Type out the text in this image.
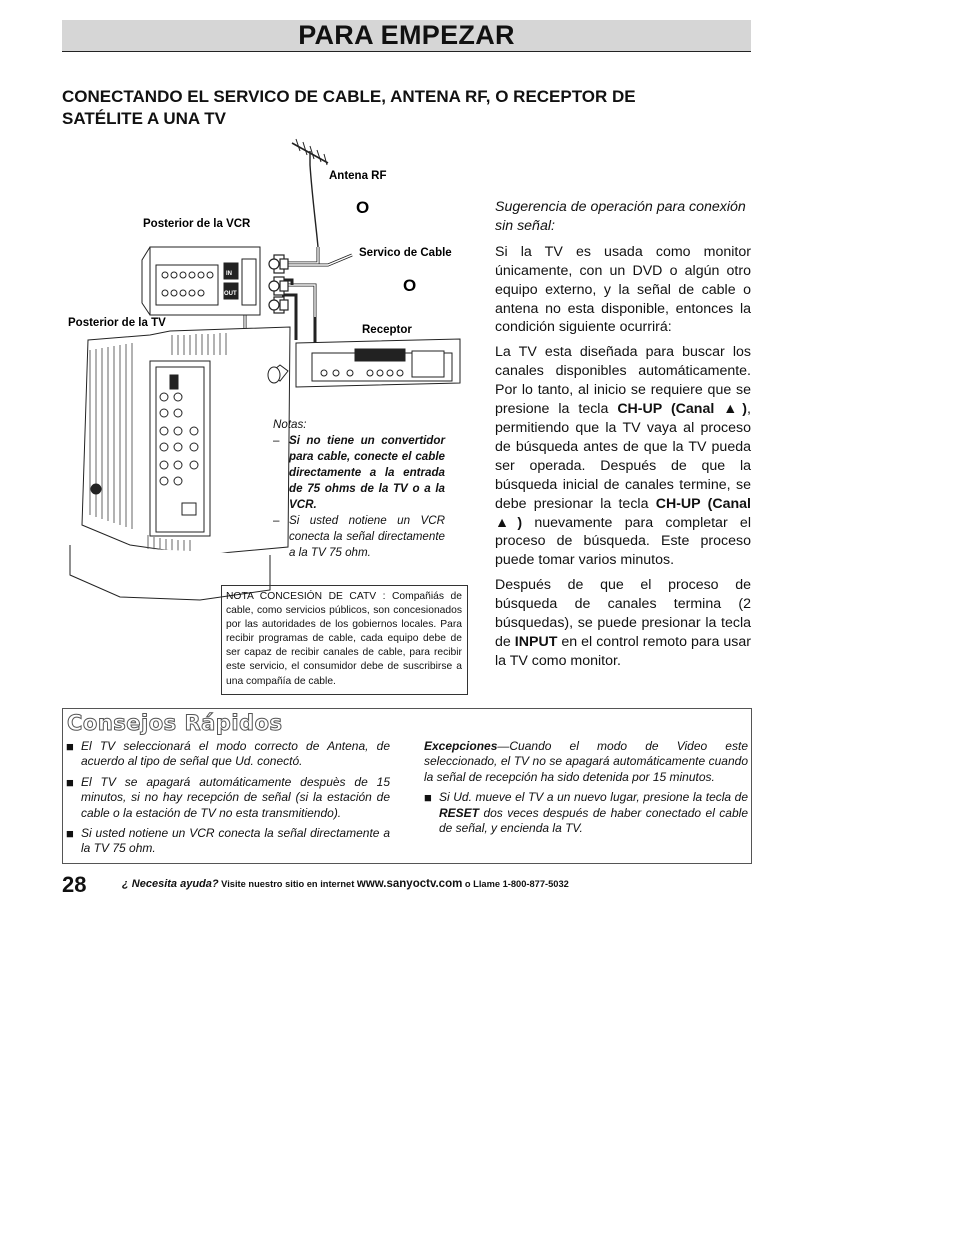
PARA EMPEZAR
CONECTANDO EL SERVICO DE CABLE, ANTENA RF, O RECEPTOR DE SATÉLITE A UNA TV
Antena RF
O
Posterior de la VCR
Servico de Cable
O
Posterior de la TV
Receptor
IN
OUT
Notas:
– Si no tiene un convertidor para cable, conecte el cable directamente a la entrada de 75 ohms de la TV o a la VCR.
– Si usted notiene un VCR conecta la señal directamente a la TV 75 ohm.
NOTA CONCESIÓN DE CATV : Compañiás de cable, como servicios públicos, son concesionados por las autoridades de los gobiernos locales. Para recibir programas de cable, cada equipo debe de ser capaz de recibir canales de cable, para recibir este servicio, el consumidor debe de suscribirse a una compañía de cable.

Sugerencia de operación para conexión sin señal:

Si la TV es usada como monitor únicamente, con un DVD o algún otro equipo externo, y la señal de cable o antena no esta disponible, entonces la condición siguiente ocurrirá:

La TV esta diseñada para buscar los canales disponibles automáticamente. Por lo tanto, al inicio se requiere que se presione la tecla CH-UP (Canal ▲), permitiendo que la TV vaya al proceso de búsqueda antes de que la TV pueda ser operada. Después de que la búsqueda inicial de canales termine, se debe presionar la tecla CH-UP (Canal ▲) nuevamente para completar el proceso de búsqueda. Este proceso puede tomar varios minutos.

Después de que el proceso de búsqueda de canales termina (2 búsquedas), se puede presionar la tecla de INPUT en el control remoto para usar la TV como monitor.

Consejos Rápidos
■ El TV seleccionará el modo correcto de Antena, de acuerdo al tipo de señal que Ud. conectó.
■ El TV se apagará automáticamente despuès de 15 minutos, si no hay recepción de señal (si la estación de cable o la estación de TV no esta transmitiendo).
■ Si usted notiene un VCR conecta la señal directamente a la TV 75 ohm.
Excepciones—Cuando el modo de Video este seleccionado, el TV no se apagará automáticamente cuando la señal de recepción ha sido detenida por 15 minutos.
■ Si Ud. mueve el TV a un nuevo lugar, presione la tecla de RESET dos veces después de haber conectado el cable de señal, y encienda la TV.
28	¿ Necesita ayuda? Visite nuestro sitio en internet www.sanyoctv.com o Llame 1-800-877-5032
